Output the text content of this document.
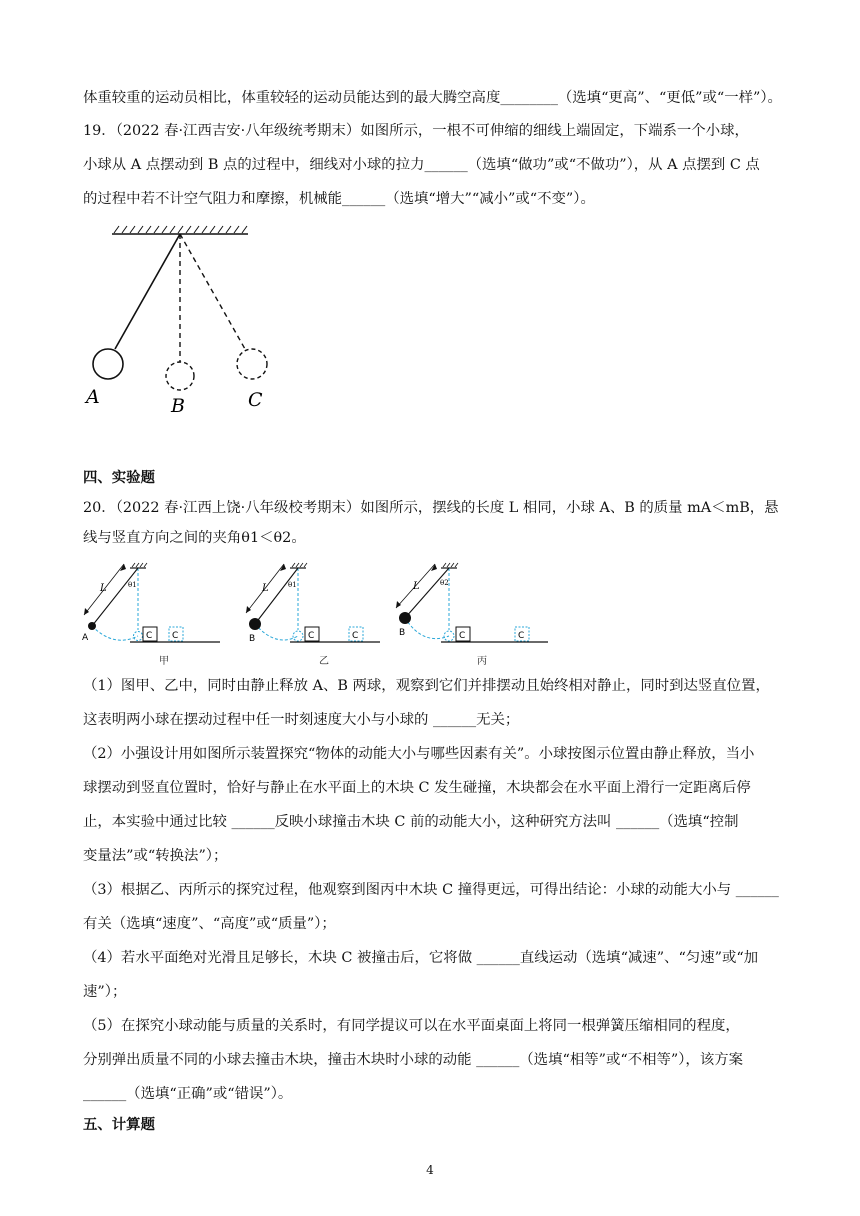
体重较重的运动员相比，体重较轻的运动员能达到的最大腾空高度________（选填“更高”、“更低”或“一样”）。
19．（2022 春·江西吉安·八年级统考期末）如图所示，一根不可伸缩的细线上端固定，下端系一个小球，
小球从 A 点摆动到 B 点的过程中，细线对小球的拉力______（选填“做功”或“不做功”），从 A 点摆到 C 点
的过程中若不计空气阻力和摩擦，机械能______（选填“增大”“减小”或“不变”）。
A	B	C
四、实验题
20．（2022 春·江西上饶·八年级校考期末）如图所示，摆线的长度 L 相同，小球 A、B 的质量 mA＜mB，悬
线与竖直方向之间的夹角θ1＜θ2。
L	θ1
A	C C
甲
L	θ1
B	C	C
乙
L	θ2
B	C	C
丙
（1）图甲、乙中，同时由静止释放 A、B 两球，观察到它们并排摆动且始终相对静止，同时到达竖直位置，
这表明两小球在摆动过程中任一时刻速度大小与小球的 ______无关；
（2）小强设计用如图所示装置探究“物体的动能大小与哪些因素有关”。小球按图示位置由静止释放，当小
球摆动到竖直位置时，恰好与静止在水平面上的木块 C 发生碰撞，木块都会在水平面上滑行一定距离后停
止，本实验中通过比较 ______反映小球撞击木块 C 前的动能大小，这种研究方法叫 ______（选填“控制
变量法”或“转换法”）；
（3）根据乙、丙所示的探究过程，他观察到图丙中木块 C 撞得更远，可得出结论：小球的动能大小与 ______
有关（选填“速度”、“高度”或“质量”）；
（4）若水平面绝对光滑且足够长，木块 C 被撞击后，它将做 ______直线运动（选填“减速”、“匀速”或“加
速”）；
（5）在探究小球动能与质量的关系时，有同学提议可以在水平面桌面上将同一根弹簧压缩相同的程度，
分别弹出质量不同的小球去撞击木块，撞击木块时小球的动能 ______（选填“相等”或“不相等”），该方案
______（选填“正确”或“错误”）。
五、计算题
4
